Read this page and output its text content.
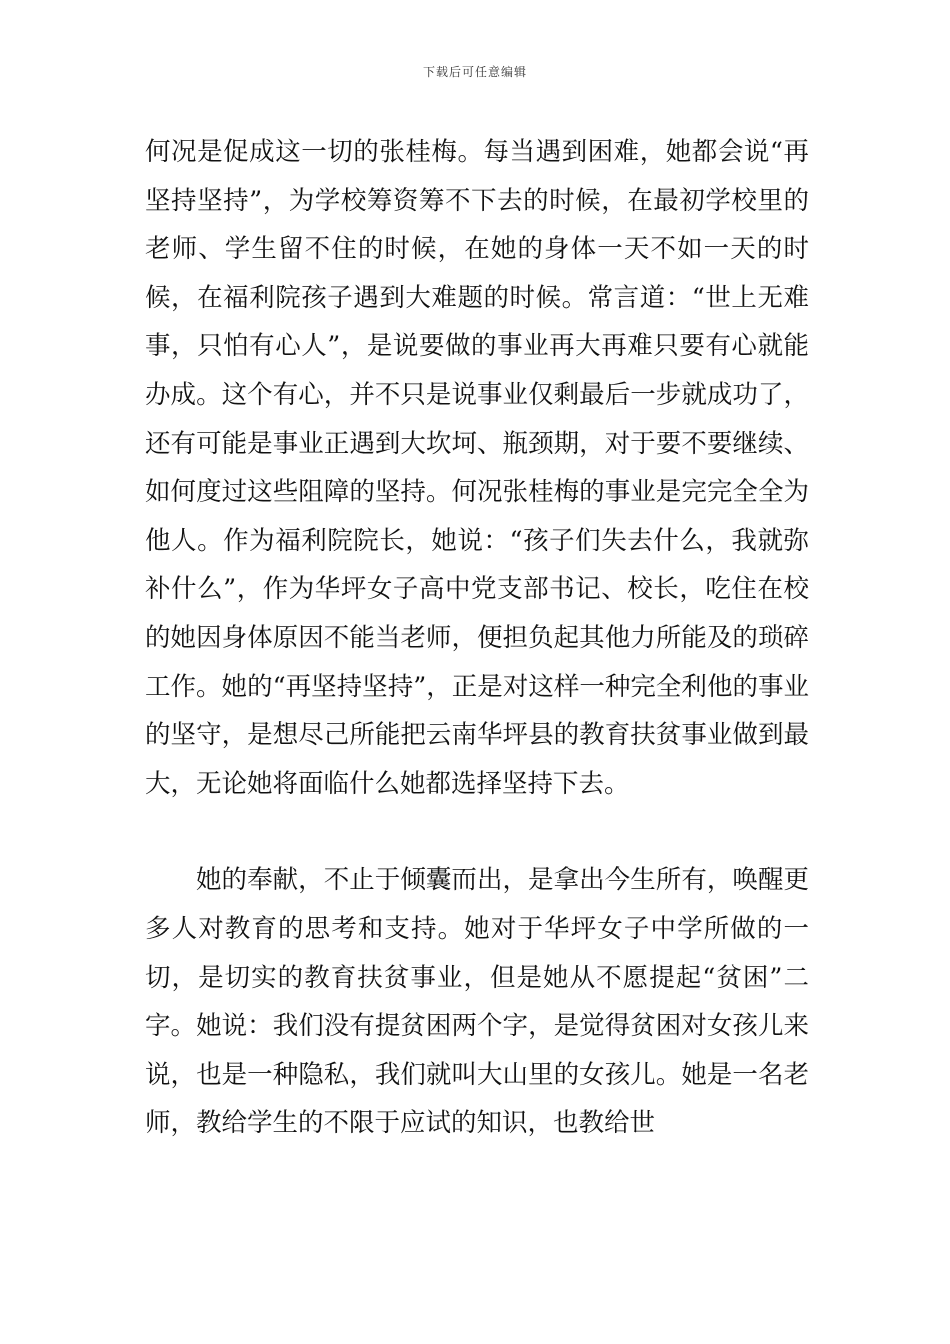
下载后可任意编辑

何况是促成这一切的张桂梅。每当遇到困难，她都会说“再坚持坚持”，为学校筹资筹不下去的时候，在最初学校里的老师、学生留不住的时候，在她的身体一天不如一天的时候，在福利院孩子遇到大难题的时候。常言道：“世上无难事，只怕有心人”，是说要做的事业再大再难只要有心就能办成。这个有心，并不只是说事业仅剩最后一步就成功了，还有可能是事业正遇到大坎坷、瓶颈期，对于要不要继续、如何度过这些阻障的坚持。何况张桂梅的事业是完完全全为他人。作为福利院院长，她说：“孩子们失去什么，我就弥补什么”，作为华坪女子高中党支部书记、校长，吃住在校的她因身体原因不能当老师，便担负起其他力所能及的琐碎工作。她的“再坚持坚持”，正是对这样一种完全利他的事业的坚守，是想尽己所能把云南华坪县的教育扶贫事业做到最大，无论她将面临什么她都选择坚持下去。

她的奉献，不止于倾囊而出，是拿出今生所有，唤醒更多人对教育的思考和支持。她对于华坪女子中学所做的一切，是切实的教育扶贫事业，但是她从不愿提起“贫困”二字。她说：我们没有提贫困两个字，是觉得贫困对女孩儿来说，也是一种隐私，我们就叫大山里的女孩儿。她是一名老师，教给学生的不限于应试的知识，也教给世
